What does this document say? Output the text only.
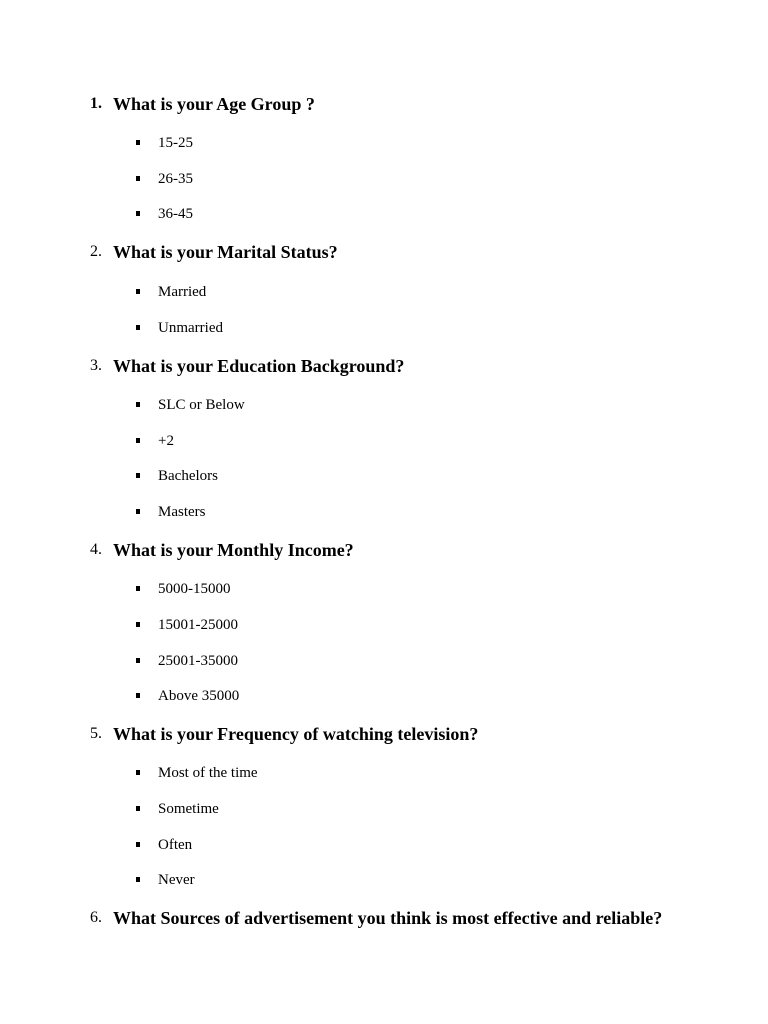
1. What is your Age Group ?
15-25
26-35
36-45
2. What is your Marital Status?
Married
Unmarried
3. What is your Education Background?
SLC or Below
+2
Bachelors
Masters
4. What is your Monthly Income?
5000-15000
15001-25000
25001-35000
Above 35000
5. What is your Frequency of watching television?
Most of the time
Sometime
Often
Never
6. What Sources of advertisement you think is most effective and reliable?
